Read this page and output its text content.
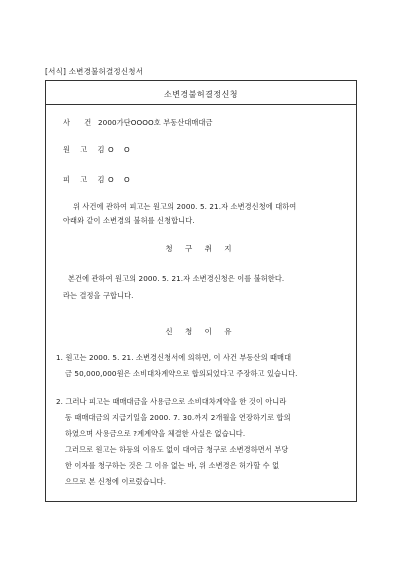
[서식] 소변경불허결정신청서
소변경불허결정신청
사 건 2000가단OOOO호 부동산대매대금
원 고 김 O O
피 고 김 O O
위 사건에 관하여 피고는 원고의 2000. 5. 21.자 소변경신청에 대하여
아래와 같이 소변경의 불허를 신청합니다.
청 구 취 지
본건에 관하여 원고의 2000. 5. 21.자 소변경신청은 이를 불허한다.
라는 결정을 구합니다.
신 청 이 유
1. 원고는 2000. 5. 21. 소변경신청서에 의하면, 이 사건 부동산의 때매대
금 50,000,000원은 소비대차계약으로 합의되었다고 주장하고 있습니다.
2. 그러나 피고는 때매대금을 사용금으로 소비대차계약을 한 것이 아니라
동 때매대금의 지급기일을 2000. 7. 30.까지 2개월을 연장하기로 합의
하였으며 사용금으로 ?계계약을 체결한 사실은 없습니다.
그러므로 원고는 하등의 이유도 없이 대여금 청구로 소변경하면서 부당
한 이자를 청구하는 것은 그 이유 없는 바, 위 소변경은 허가할 수 없
으므로 본 신청에 이르렀습니다.
